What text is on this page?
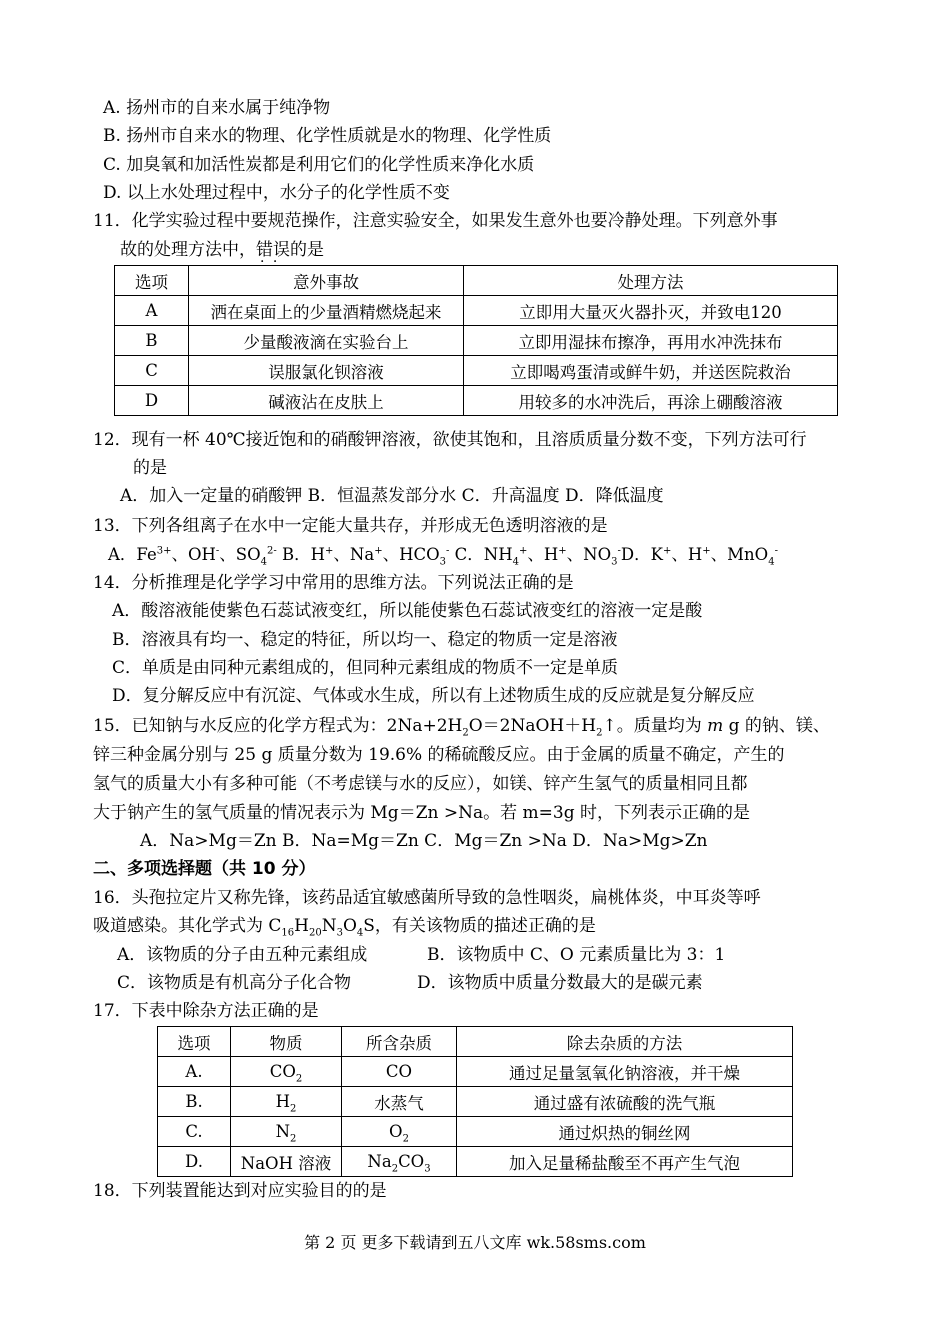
A. 扬州市的自来水属于纯净物
B. 扬州市自来水的物理、化学性质就是水的物理、化学性质
C. 加臭氧和加活性炭都是利用它们的化学性质来净化水质
D. 以上水处理过程中，水分子的化学性质不变
11．化学实验过程中要规范操作，注意实验安全，如果发生意外也要冷静处理。下列意外事
故的处理方法中，错误 · ·的是
选项	意外事故	处理方法
A	洒在桌面上的少量酒精燃烧起来	立即用大量灭火器扑灭，并致电120
B	少量酸液滴在实验台上	立即用湿抹布擦净，再用水冲洗抹布
C	误服氯化钡溶液	立即喝鸡蛋清或鲜牛奶，并送医院救治
D	碱液沾在皮肤上	用较多的水冲洗后，再涂上硼酸溶液
12．现有一杯 40℃接近饱和的硝酸钾溶液，欲使其饱和，且溶质质量分数不变，下列方法可行
的是
A．加入一定量的硝酸钾 B．恒温蒸发部分水 C．升高温度 D．降低温度
13．下列各组离子在水中一定能大量共存，并形成无色透明溶液的是
A．$Fe^{3+}$、OH-、$SO_4^{2-}$ B．H+、Na+、$HCO_3^-$ C．$NH_4^+$、H+、$NO_3^-D$．K+、H+、MnO$_4$-
14．分析推理是化学学习中常用的思维方法。下列说法正确的是
A．酸溶液能使紫色石蕊试液变红，所以能使紫色石蕊试液变红的溶液一定是酸
B．溶液具有均一、稳定的特征，所以均一、稳定的物质一定是溶液
C．单质是由同种元素组成的，但同种元素组成的物质不一定是单质
D．复分解反应中有沉淀、气体或水生成，所以有上述物质生成的反应就是复分解反应
15．已知钠与水反应的化学方程式为：$2Na+2H_2O=2NaOH+H_2↑$。质量均为 m g 的钠、镁、
锌三种金属分别与 25 g 质量分数为 19.6% 的稀硫酸反应。由于金属的质量不确定，产生的
氢气的质量大小有多种可能（不考虑镁与水的反应），如镁、锌产生氢气的质量相同且都
大于钠产生的氢气质量的情况表示为 Mg＝Zn >Na。若 m=3g 时，下列表示正确的是
A．Na>Mg＝Zn B．Na=Mg＝Zn C．Mg＝Zn >Na D．Na>Mg>Zn
二、多项选择题（共 10 分）
16．头孢拉定片又称先锋，该药品适宜敏感菌所导致的急性咽炎，扁桃体炎，中耳炎等呼
吸道感染。其化学式为 $C_{16}H_{20}N_3O_4S$，有关该物质的描述正确的是
A．该物质的分子由五种元素组成	B．该物质中 C、O 元素质量比为 3：1
C．该物质是有机高分子化合物	D．该物质中质量分数最大的是碳元素
17．下表中除杂方法正确的是
选项	物质	所含杂质	除去杂质的方法
A.	$CO_2$	CO	通过足量氢氧化钠溶液，并干燥
B.	$H_2$	水蒸气	通过盛有浓硫酸的洗气瓶
C.	$N_2$	$O_2$	通过炽热的铜丝网
D.	NaOH 溶液	$Na_2CO_3$	加入足量稀盐酸至不再产生气泡
18．下列装置能达到对应实验目的的是
第 2 页 更多下载请到五八文库 wk.58sms.com
